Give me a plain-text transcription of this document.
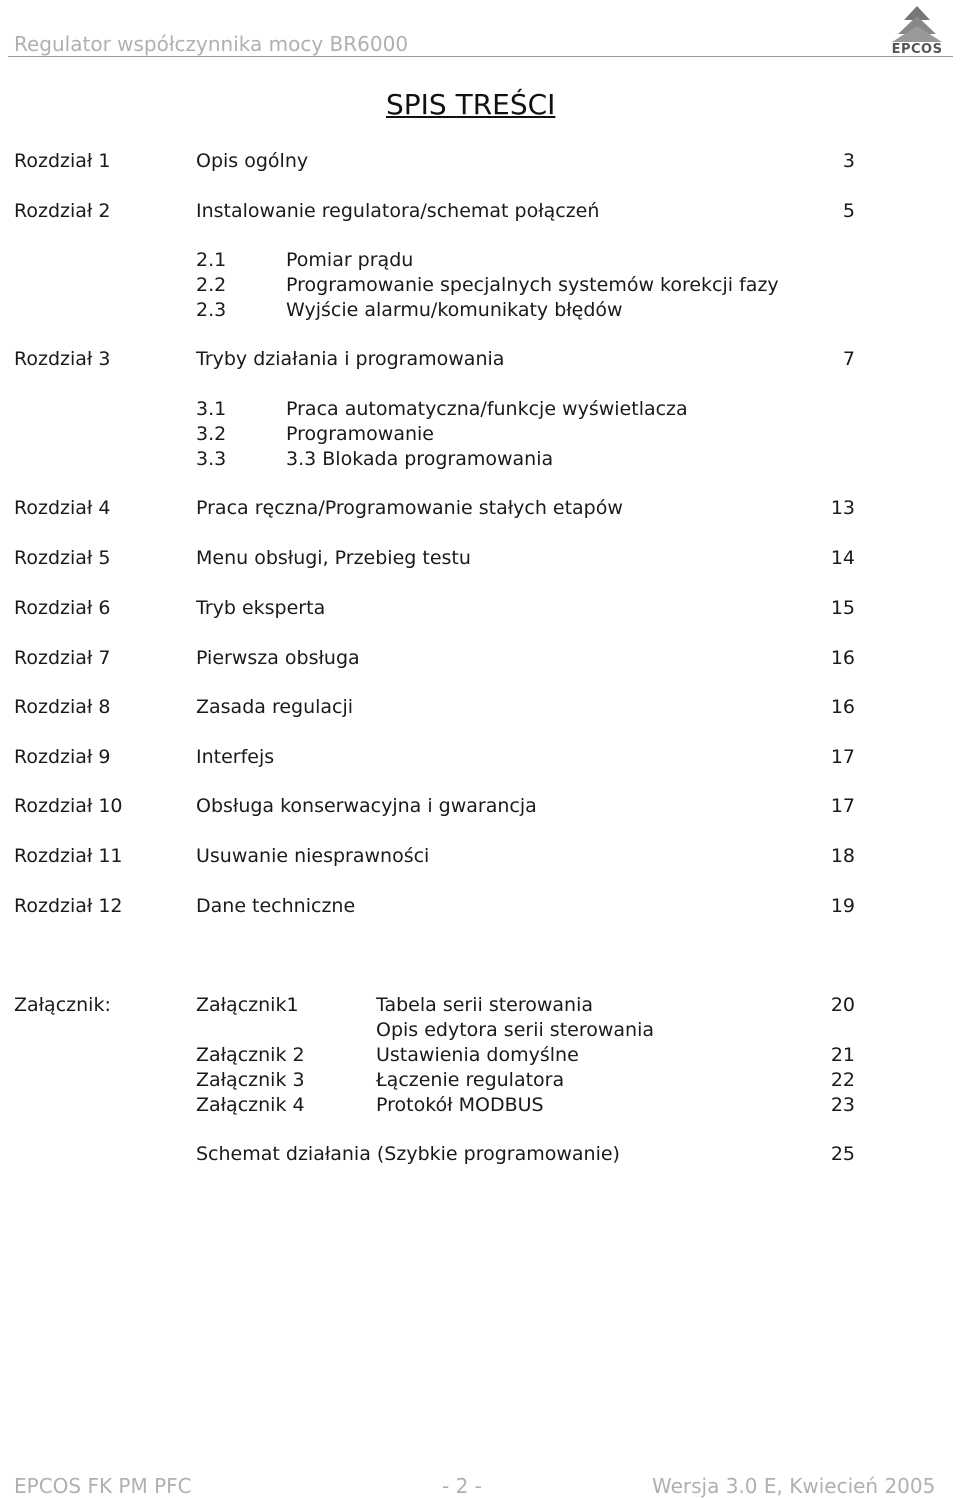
Regulator współczynnika mocy BR6000	EPCOS
SPIS TREŚCI
Rozdział 1	Opis ogólny	3
Rozdział 2	Instalowanie regulatora/schemat połączeń	5
2.1	Pomiar prądu
2.2	Programowanie specjalnych systemów korekcji fazy
2.3	Wyjście alarmu/komunikaty błędów
Rozdział 3	Tryby działania i programowania	7
3.1	Praca automatyczna/funkcje wyświetlacza
3.2	Programowanie
3.3	3.3 Blokada programowania
Rozdział 4	Praca ręczna/Programowanie stałych etapów	13
Rozdział 5	Menu obsługi, Przebieg testu	14
Rozdział 6	Tryb eksperta	15
Rozdział 7	Pierwsza obsługa	16
Rozdział 8	Zasada regulacji	16
Rozdział 9	Interfejs	17
Rozdział 10	Obsługa konserwacyjna i gwarancja	17
Rozdział 11	Usuwanie niesprawności	18
Rozdział 12	Dane techniczne	19
Załącznik:	Załącznik1	Tabela serii sterowania	20
Opis edytora serii sterowania
Załącznik 2	Ustawienia domyślne	21
Załącznik 3	Łączenie regulatora	22
Załącznik 4	Protokół MODBUS	23
Schemat działania (Szybkie programowanie)	25
EPCOS FK PM PFC	- 2 -	Wersja 3.0 E, Kwiecień 2005
